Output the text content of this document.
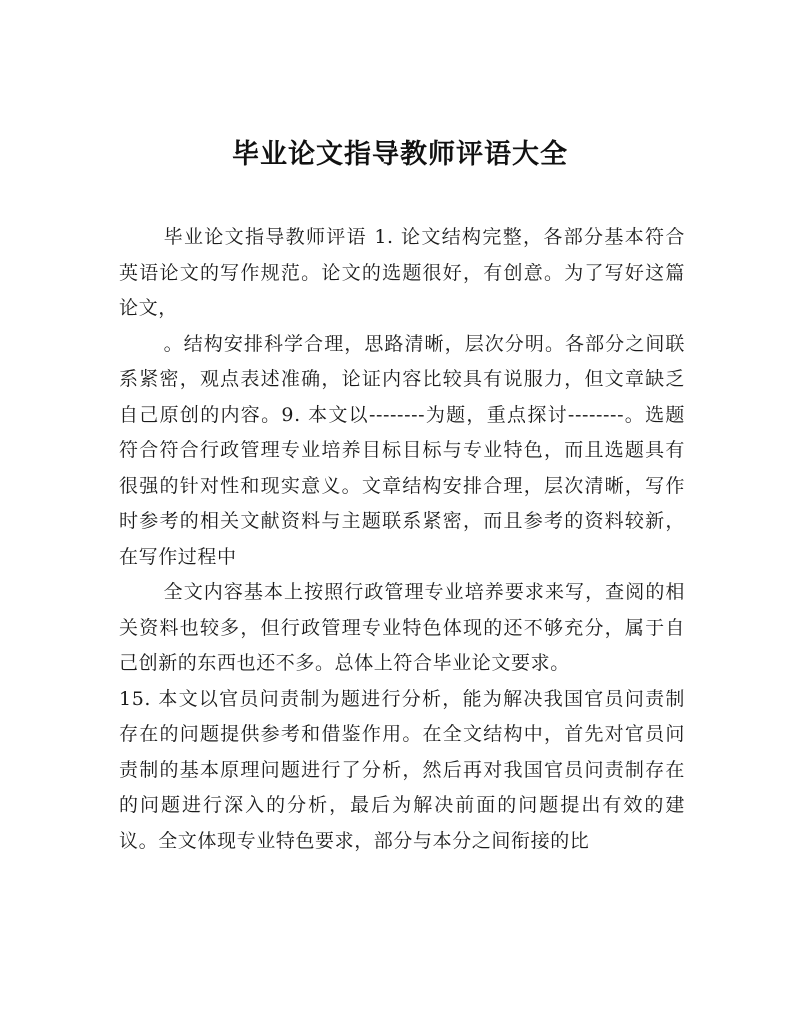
毕业论文指导教师评语大全

毕业论文指导教师评语 1. 论文结构完整，各部分基本符合英语论文的写作规范。论文的选题很好，有创意。为了写好这篇论文，

。结构安排科学合理，思路清晰，层次分明。各部分之间联系紧密，观点表述准确，论证内容比较具有说服力，但文章缺乏自己原创的内容。9. 本文以--------为题，重点探讨--------。选题符合符合行政管理专业培养目标目标与专业特色，而且选题具有很强的针对性和现实意义。文章结构安排合理，层次清晰，写作时参考的相关文献资料与主题联系紧密，而且参考的资料较新，在写作过程中

全文内容基本上按照行政管理专业培养要求来写，查阅的相关资料也较多，但行政管理专业特色体现的还不够充分，属于自己创新的东西也还不多。总体上符合毕业论文要求。

15. 本文以官员问责制为题进行分析，能为解决我国官员问责制存在的问题提供参考和借鉴作用。在全文结构中，首先对官员问责制的基本原理问题进行了分析，然后再对我国官员问责制存在的问题进行深入的分析，最后为解决前面的问题提出有效的建议。全文体现专业特色要求，部分与本分之间衔接的比
